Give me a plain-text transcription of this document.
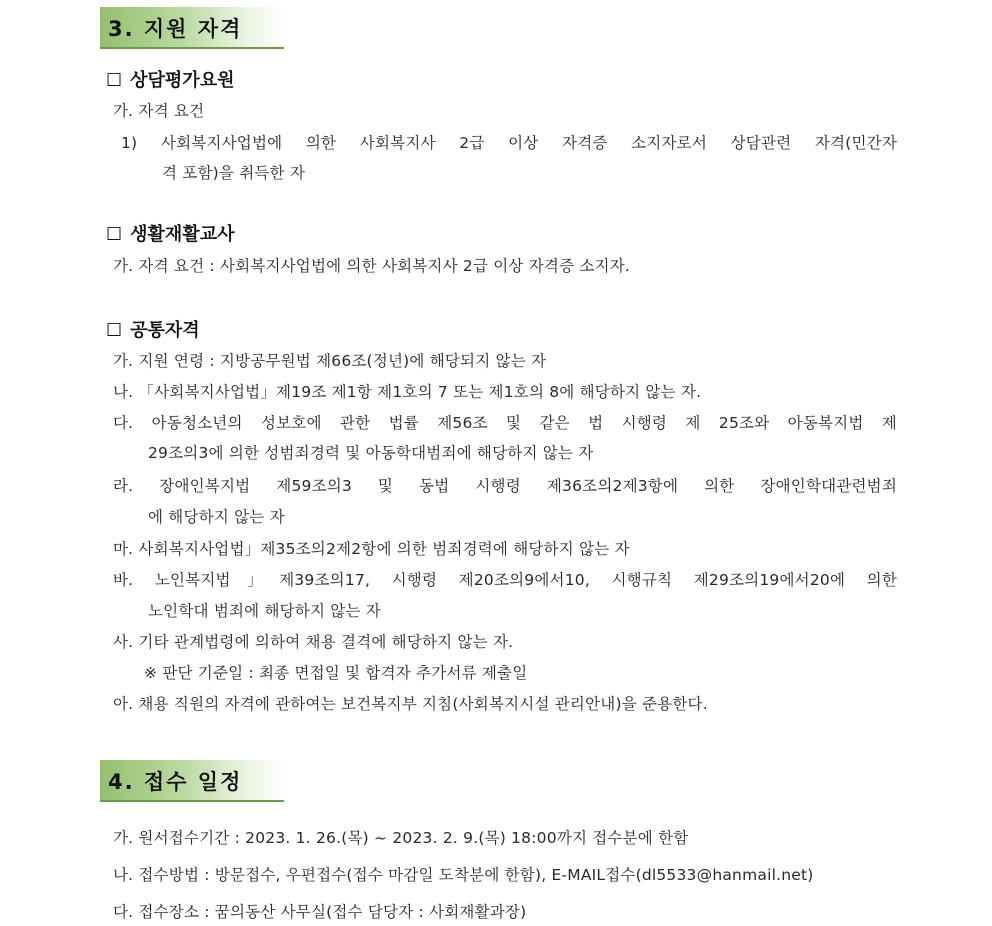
3. 지원 자격
☐ 상담평가요원
가. 자격 요건
1) 사회복지사업법에 의한 사회복지사 2급 이상 자격증 소지자로서 상담관련 자격(민간자
격 포함)을 취득한 자
☐ 생활재활교사
가. 자격 요건 : 사회복지사업법에 의한 사회복지사 2급 이상 자격증 소지자.
☐ 공통자격
가. 지원 연령 : 지방공무원법 제66조(정년)에 해당되지 않는 자
나. 「사회복지사업법」제19조 제1항 제1호의 7 또는 제1호의 8에 해당하지 않는 자.
다. 아동청소년의 성보호에 관한 법률 제56조 및 같은 법 시행령 제 25조와 아동복지법 제
29조의3에 의한 성범죄경력 및 아동학대범죄에 해당하지 않는 자
라. 장애인복지법 제59조의3 및 동법 시행령 제36조의2제3항에 의한 장애인학대관련범죄
에 해당하지 않는 자
마. 사회복지사업법」제35조의2제2항에 의한 범죄경력에 해당하지 않는 자
바. 노인복지법」제39조의17, 시행령 제20조의9에서10, 시행규칙 제29조의19에서20에 의한
노인학대 범죄에 해당하지 않는 자
사. 기타 관계법령에 의하여 채용 결격에 해당하지 않는 자.
※ 판단 기준일 : 최종 면접일 및 합격자 추가서류 제출일
아. 채용 직원의 자격에 관하여는 보건복지부 지침(사회복지시설 관리안내)을 준용한다.
4. 접수 일정
가. 원서접수기간 : 2023. 1. 26.(목) ~ 2023. 2. 9.(목) 18:00까지 접수분에 한함
나. 접수방법 : 방문접수, 우편접수(접수 마감일 도착분에 한함), E-MAIL접수(dl5533@hanmail.net)
다. 접수장소 : 꿈의동산 사무실(접수 담당자 : 사회재활과장)
